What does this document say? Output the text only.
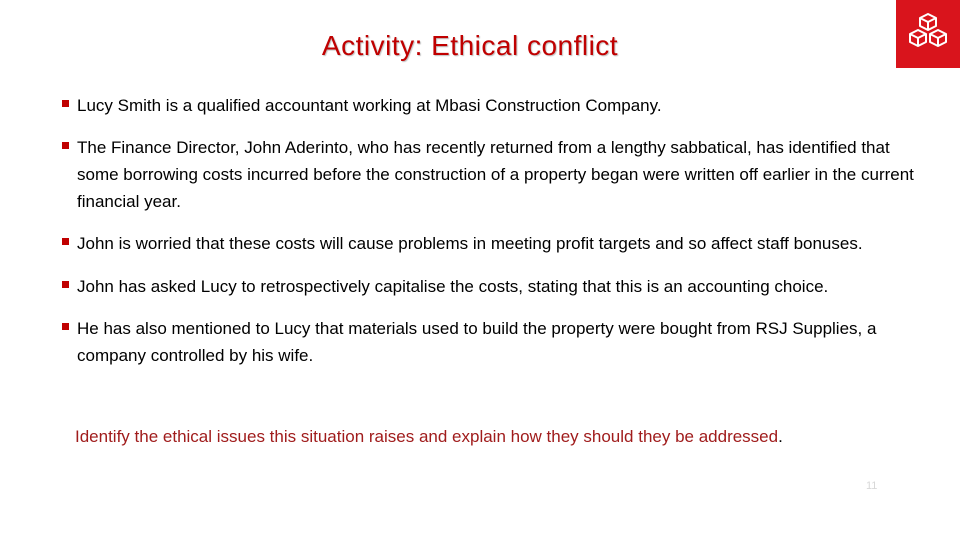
Activity: Ethical conflict
Lucy Smith is a qualified accountant working at Mbasi Construction Company.
The Finance Director, John Aderinto, who has recently returned from a lengthy sabbatical, has identified that some borrowing costs incurred before the construction of a property began were written off earlier in the current financial year.
John is worried that these costs will cause problems in meeting profit targets and so affect staff bonuses.
John has asked Lucy to retrospectively capitalise the costs, stating that this is an accounting choice.
He has also mentioned to Lucy that materials used to build the property were bought from RSJ Supplies, a company controlled by his wife.
Identify the ethical issues this situation raises and explain how they should they be addressed.
11
